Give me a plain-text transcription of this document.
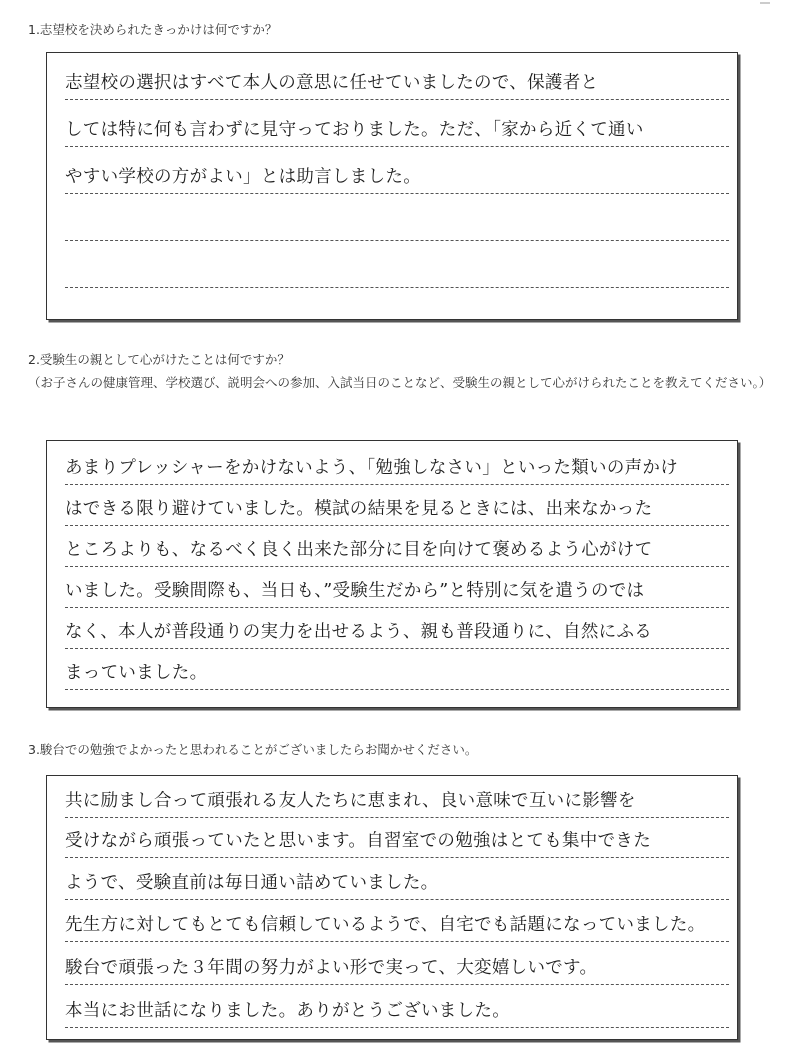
1.志望校を決められたきっかけは何ですか？

志望校の選択はすべて本人の意思に任せていましたので、保護者と
しては特に何も言わずに見守っておりました。ただ、「家から近くて通い
やすい学校の方がよい」とは助言しました。

2.受験生の親として心がけたことは何ですか？
（お子さんの健康管理、学校選び、説明会への参加、入試当日のことなど、受験生の親として心がけられたことを教えてください。）

あまりプレッシャーをかけないよう、「勉強しなさい」といった類いの声かけ
はできる限り避けていました。模試の結果を見るときには、出来なかった
ところよりも、なるべく良く出来た部分に目を向けて褒めるよう心がけて
いました。受験間際も、当日も、”受験生だから”と特別に気を遣うのでは
なく、本人が普段通りの実力を出せるよう、親も普段通りに、自然にふる
まっていました。

3.駿台での勉強でよかったと思われることがございましたらお聞かせください。

共に励まし合って頑張れる友人たちに恵まれ、良い意味で互いに影響を
受けながら頑張っていたと思います。自習室での勉強はとても集中できた
ようで、受験直前は毎日通い詰めていました。
先生方に対してもとても信頼しているようで、自宅でも話題になっていました。
駿台で頑張った３年間の努力がよい形で実って、大変嬉しいです。
本当にお世話になりました。ありがとうございました。
